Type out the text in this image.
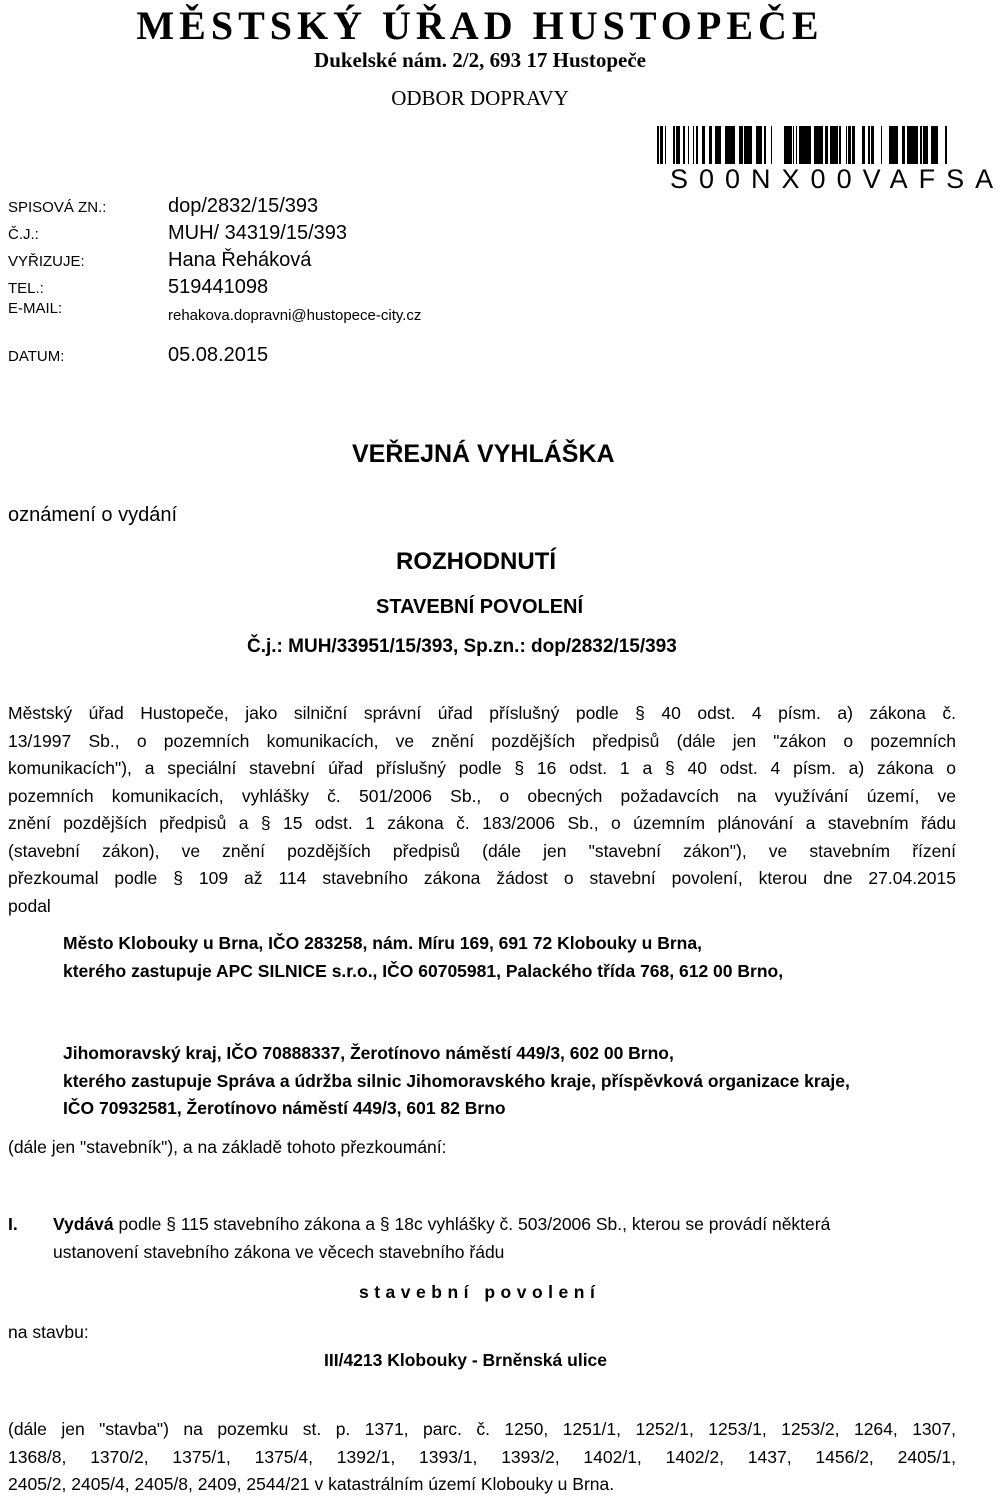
MĚSTSKÝ ÚŘAD HUSTOPEČE
Dukelské nám. 2/2, 693 17 Hustopeče
ODBOR DOPRAVY
S00NX00VAFSA
SPISOVÁ ZN.:	dop/2832/15/393
Č.J.:	MUH/ 34319/15/393
VYŘIZUJE:	Hana Řeháková
TEL.:	519441098
E-MAIL:	rehakova.dopravni@hustopece-city.cz
DATUM:	05.08.2015
VEŘEJNÁ VYHLÁŠKA
oznámení o vydání
ROZHODNUTÍ
STAVEBNÍ POVOLENÍ
Č.j.: MUH/33951/15/393, Sp.zn.: dop/2832/15/393
Městský úřad Hustopeče, jako silniční správní úřad příslušný podle § 40 odst. 4 písm. a) zákona č.
13/1997 Sb., o pozemních komunikacích, ve znění pozdějších předpisů (dále jen "zákon o pozemních
komunikacích"), a speciální stavební úřad příslušný podle § 16 odst. 1 a § 40 odst. 4 písm. a) zákona o
pozemních komunikacích, vyhlášky č. 501/2006 Sb., o obecných požadavcích na využívání území, ve
znění pozdějších předpisů a § 15 odst. 1 zákona č. 183/2006 Sb., o územním plánování a stavebním řádu
(stavební zákon), ve znění pozdějších předpisů (dále jen "stavební zákon"), ve stavebním řízení
přezkoumal podle § 109 až 114 stavebního zákona žádost o stavební povolení, kterou dne 27.04.2015
podal
Město Klobouky u Brna, IČO 283258, nám. Míru 169, 691 72 Klobouky u Brna,
kterého zastupuje APC SILNICE s.r.o., IČO 60705981, Palackého třída 768, 612 00 Brno,
Jihomoravský kraj, IČO 70888337, Žerotínovo náměstí 449/3, 602 00 Brno,
kterého zastupuje Správa a údržba silnic Jihomoravského kraje, příspěvková organizace kraje,
IČO 70932581, Žerotínovo náměstí 449/3, 601 82 Brno
(dále jen "stavebník"), a na základě tohoto přezkoumání:
I. Vydává podle § 115 stavebního zákona a § 18c vyhlášky č. 503/2006 Sb., kterou se provádí některá
ustanovení stavebního zákona ve věcech stavebního řádu
stavební povolení
na stavbu:
III/4213 Klobouky - Brněnská ulice
(dále jen "stavba") na pozemku st. p. 1371, parc. č. 1250, 1251/1, 1252/1, 1253/1, 1253/2, 1264, 1307,
1368/8, 1370/2, 1375/1, 1375/4, 1392/1, 1393/1, 1393/2, 1402/1, 1402/2, 1437, 1456/2, 2405/1,
2405/2, 2405/4, 2405/8, 2409, 2544/21 v katastrálním území Klobouky u Brna.
